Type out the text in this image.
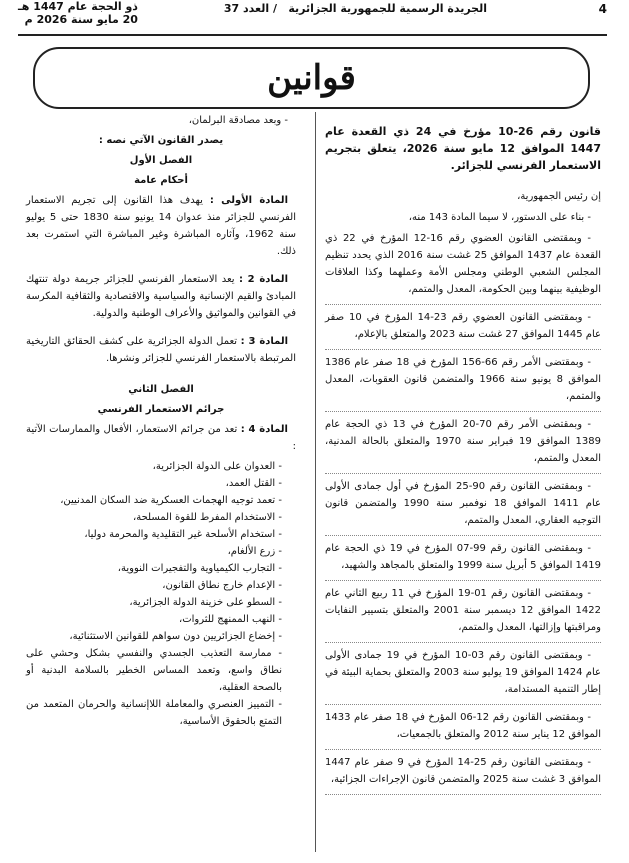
4
الجريدة الرسمية للجمهورية الجزائرية
/ العدد 37
ذو الحجة عام 1447 هـ
20 مايو سنة 2026 م
قوانين

قانون رقم 26-10 مؤرخ في 24 ذي القعدة عام 1447 الموافق 12 مايو سنة 2026، يتعلق بتجريم الاستعمار الفرنسي للجزائر.

إن رئيس الجمهورية،

- بناء على الدستور، لا سيما المادة 143 منه،

- وبمقتضى القانون العضوي رقم 16-12 المؤرخ في 22 ذي القعدة عام 1437 الموافق 25 غشت سنة 2016 الذي يحدد تنظيم المجلس الشعبي الوطني ومجلس الأمة وعملهما وكذا العلاقات الوظيفية بينهما وبين الحكومة، المعدل والمتمم،

- وبمقتضى القانون العضوي رقم 23-14 المؤرخ في 10 صفر عام 1445 الموافق 27 غشت سنة 2023 والمتعلق بالإعلام،

- وبمقتضى الأمر رقم 66-156 المؤرخ في 18 صفر عام 1386 الموافق 8 يونيو سنة 1966 والمتضمن قانون العقوبات، المعدل والمتمم،

- وبمقتضى الأمر رقم 70-20 المؤرخ في 13 ذي الحجة عام 1389 الموافق 19 فبراير سنة 1970 والمتعلق بالحالة المدنية، المعدل والمتمم،

- وبمقتضى القانون رقم 90-25 المؤرخ في أول جمادى الأولى عام 1411 الموافق 18 نوفمبر سنة 1990 والمتضمن قانون التوجيه العقاري، المعدل والمتمم،

- وبمقتضى القانون رقم 99-07 المؤرخ في 19 ذي الحجة عام 1419 الموافق 5 أبريل سنة 1999 والمتعلق بالمجاهد والشهيد،

- وبمقتضى القانون رقم 01-19 المؤرخ في 11 ربيع الثاني عام 1422 الموافق 12 ديسمبر سنة 2001 والمتعلق بتسيير النفايات ومراقبتها وإزالتها، المعدل والمتمم،

- وبمقتضى القانون رقم 03-10 المؤرخ في 19 جمادى الأولى عام 1424 الموافق 19 يوليو سنة 2003 والمتعلق بحماية البيئة في إطار التنمية المستدامة،

- وبمقتضى القانون رقم 12-06 المؤرخ في 18 صفر عام 1433 الموافق 12 يناير سنة 2012 والمتعلق بالجمعيات،

- وبمقتضى القانون رقم 25-14 المؤرخ في 9 صفر عام 1447 الموافق 3 غشت سنة 2025 والمتضمن قانون الإجراءات الجزائية،

- وبعد مصادقة البرلمان،

يصدر القانون الآتي نصه :

الفصل الأول

أحكام عامة

المادة الأولى : يهدف هذا القانون إلى تجريم الاستعمار الفرنسي للجزائر منذ عدوان 14 يونيو سنة 1830 حتى 5 يوليو سنة 1962، وآثاره المباشرة وغير المباشرة التي استمرت بعد ذلك.

المادة 2 : يعد الاستعمار الفرنسي للجزائر جريمة دولة تنتهك المبادئ والقيم الإنسانية والسياسية والاقتصادية والثقافية المكرسة في القوانين والمواثيق والأعراف الوطنية والدولية.

المادة 3 : تعمل الدولة الجزائرية على كشف الحقائق التاريخية المرتبطة بالاستعمار الفرنسي للجزائر ونشرها.

الفصل الثاني

جرائم الاستعمار الفرنسي

المادة 4 : تعد من جرائم الاستعمار، الأفعال والممارسات الآتية :

- العدوان على الدولة الجزائرية،

- القتل العمد،

- تعمد توجيه الهجمات العسكرية ضد السكان المدنيين،

- الاستخدام المفرط للقوة المسلحة،

- استخدام الأسلحة غير التقليدية والمحرمة دوليا،

- زرع الألغام،

- التجارب الكيمياوية والتفجيرات النووية،

- الإعدام خارج نطاق القانون،

- السطو على خزينة الدولة الجزائرية،

- النهب الممنهج للثروات،

- إخضاع الجزائريين دون سواهم للقوانين الاستثنائية،

- ممارسة التعذيب الجسدي والنفسي بشكل وحشي على نطاق واسع، وتعمد المساس الخطير بالسلامة البدنية أو بالصحة العقلية،

- التمييز العنصري والمعاملة اللاإنسانية والحرمان المتعمد من التمتع بالحقوق الأساسية،
